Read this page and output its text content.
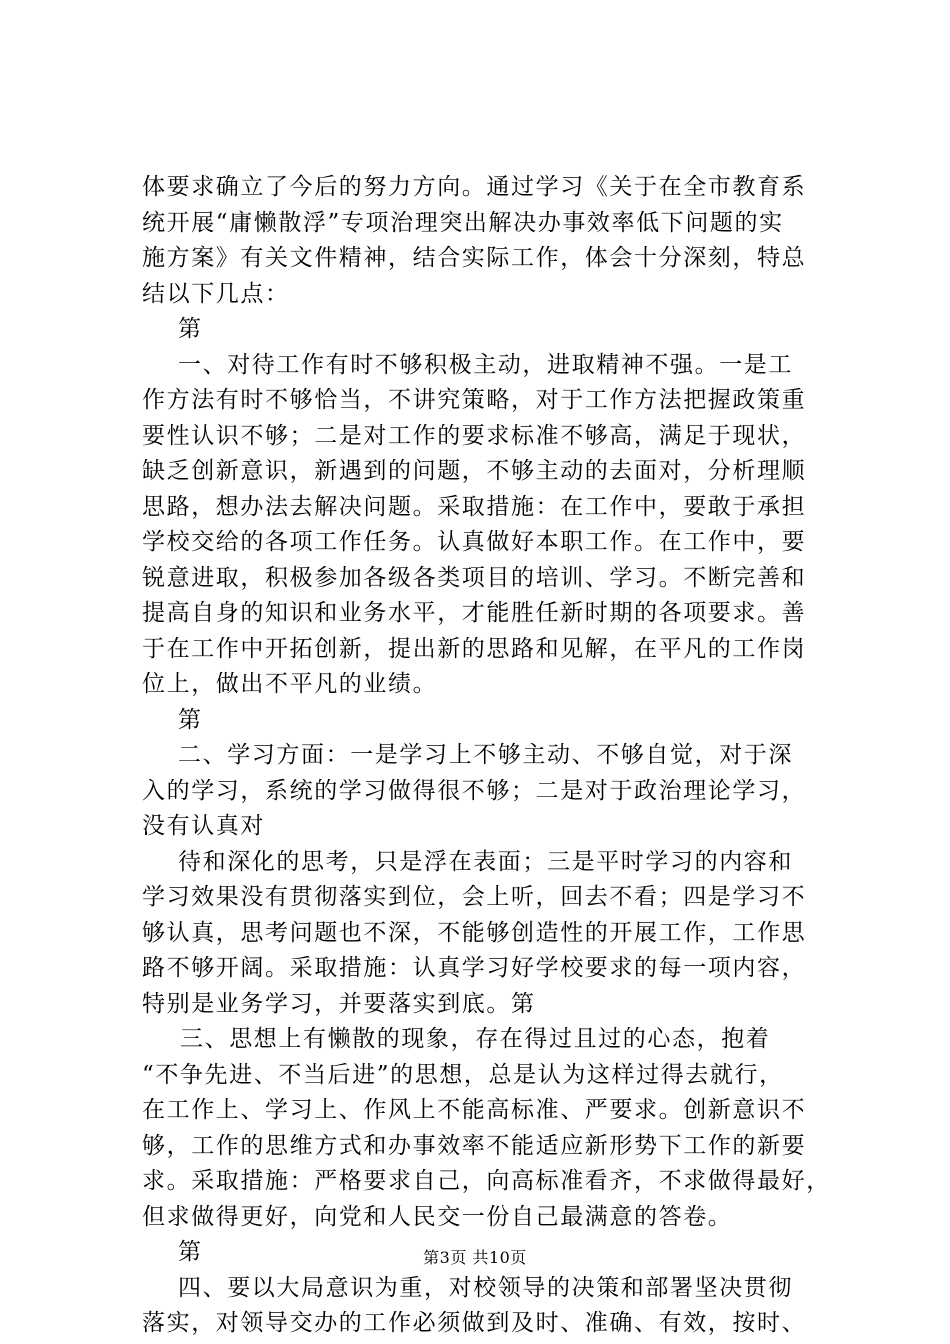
体要求确立了今后的努力方向。通过学习《关于在全市教育系
统开展“庸懒散浮”专项治理突出解决办事效率低下问题的实
施方案》有关文件精神，结合实际工作，体会十分深刻，特总
结以下几点：
第
一、对待工作有时不够积极主动，进取精神不强。一是工
作方法有时不够恰当，不讲究策略，对于工作方法把握政策重
要性认识不够；二是对工作的要求标准不够高，满足于现状，
缺乏创新意识，新遇到的问题，不够主动的去面对，分析理顺
思路，想办法去解决问题。采取措施：在工作中，要敢于承担
学校交给的各项工作任务。认真做好本职工作。在工作中，要
锐意进取，积极参加各级各类项目的培训、学习。不断完善和
提高自身的知识和业务水平，才能胜任新时期的各项要求。善
于在工作中开拓创新，提出新的思路和见解，在平凡的工作岗
位上，做出不平凡的业绩。
第
二、学习方面：一是学习上不够主动、不够自觉，对于深
入的学习，系统的学习做得很不够；二是对于政治理论学习，
没有认真对
待和深化的思考，只是浮在表面；三是平时学习的内容和
学习效果没有贯彻落实到位，会上听，回去不看；四是学习不
够认真，思考问题也不深，不能够创造性的开展工作，工作思
路不够开阔。采取措施：认真学习好学校要求的每一项内容，
特别是业务学习，并要落实到底。第
三、思想上有懒散的现象，存在得过且过的心态，抱着
“不争先进、不当后进”的思想，总是认为这样过得去就行，
在工作上、学习上、作风上不能高标准、严要求。创新意识不
够，工作的思维方式和办事效率不能适应新形势下工作的新要
求。采取措施：严格要求自己，向高标准看齐，不求做得最好，
但求做得更好，向党和人民交一份自己最满意的答卷。
第
四、要以大局意识为重，对校领导的决策和部署坚决贯彻
落实，对领导交办的工作必须做到及时、准确、有效，按时、
第3页 共10页
